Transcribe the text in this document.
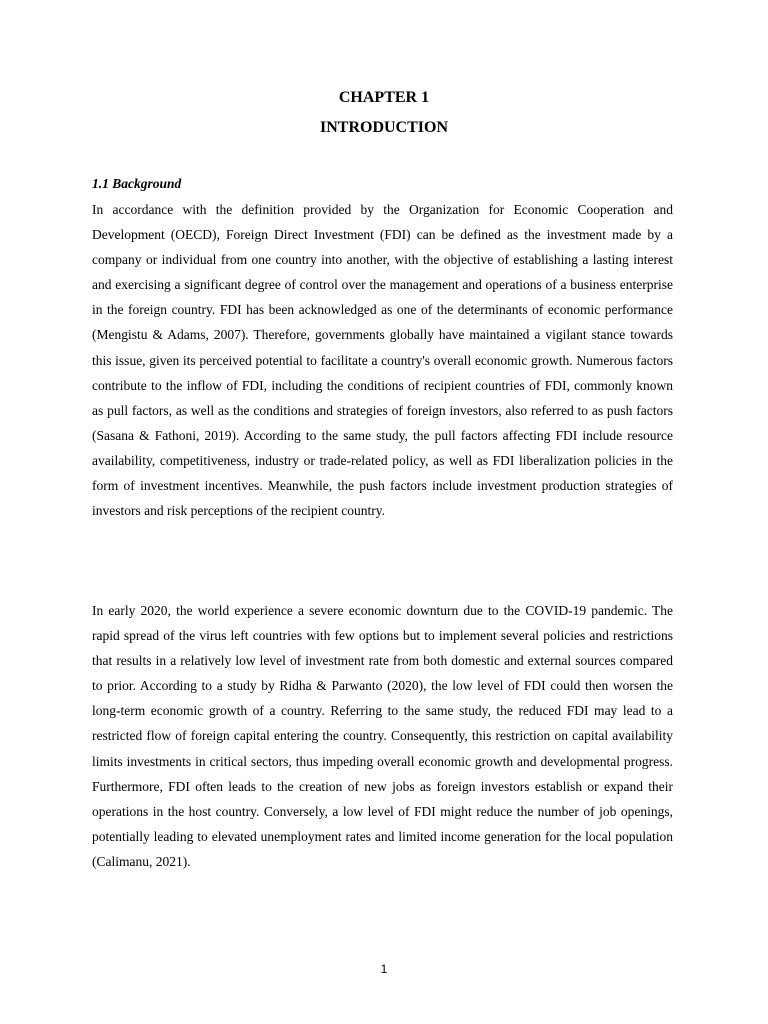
CHAPTER 1
INTRODUCTION
1.1 Background

In accordance with the definition provided by the Organization for Economic Cooperation and Development (OECD), Foreign Direct Investment (FDI) can be defined as the investment made by a company or individual from one country into another, with the objective of establishing a lasting interest and exercising a significant degree of control over the management and operations of a business enterprise in the foreign country. FDI has been acknowledged as one of the determinants of economic performance (Mengistu & Adams, 2007). Therefore, governments globally have maintained a vigilant stance towards this issue, given its perceived potential to facilitate a country's overall economic growth. Numerous factors contribute to the inflow of FDI, including the conditions of recipient countries of FDI, commonly known as pull factors, as well as the conditions and strategies of foreign investors, also referred to as push factors (Sasana & Fathoni, 2019). According to the same study, the pull factors affecting FDI include resource availability, competitiveness, industry or trade-related policy, as well as FDI liberalization policies in the form of investment incentives. Meanwhile, the push factors include investment production strategies of investors and risk perceptions of the recipient country.

In early 2020, the world experience a severe economic downturn due to the COVID-19 pandemic. The rapid spread of the virus left countries with few options but to implement several policies and restrictions that results in a relatively low level of investment rate from both domestic and external sources compared to prior. According to a study by Ridha & Parwanto (2020), the low level of FDI could then worsen the long-term economic growth of a country. Referring to the same study, the reduced FDI may lead to a restricted flow of foreign capital entering the country. Consequently, this restriction on capital availability limits investments in critical sectors, thus impeding overall economic growth and developmental progress. Furthermore, FDI often leads to the creation of new jobs as foreign investors establish or expand their operations in the host country. Conversely, a low level of FDI might reduce the number of job openings, potentially leading to elevated unemployment rates and limited income generation for the local population (Calimanu, 2021).

1
